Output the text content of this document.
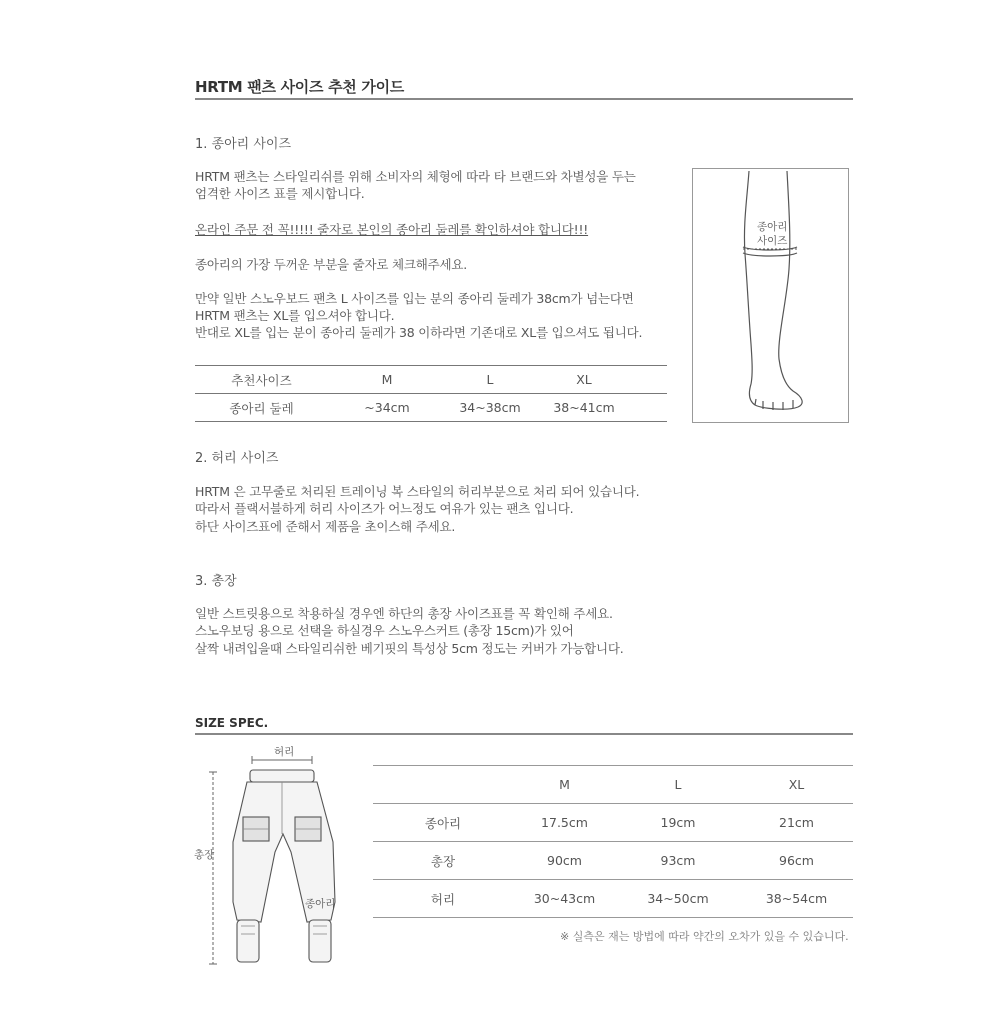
HRTM 팬츠 사이즈 추천 가이드
1. 종아리 사이즈
HRTM 팬츠는 스타일리쉬를 위해 소비자의 체형에 따라 타 브랜드와 차별성을 두는
엄격한 사이즈 표를 제시합니다.
온라인 주문 전 꼭!!!!! 줄자로 본인의 종아리 둘레를 확인하셔야 합니다!!!
종아리의 가장 두꺼운 부분을 줄자로 체크해주세요.
만약 일반 스노우보드 팬츠 L 사이즈를 입는 분의 종아리 둘레가 38cm가 넘는다면
HRTM 팬츠는 XL를 입으셔야 합니다.
반대로 XL를 입는 분이 종아리 둘레가 38 이하라면 기존대로 XL를 입으셔도 됩니다.
추천사이즈	M	L	XL	
종아리 둘레	~34cm	34~38cm	38~41cm	
종아리
사이즈
2. 허리 사이즈
HRTM 은 고무줄로 처리된 트레이닝 복 스타일의 허리부분으로 처리 되어 있습니다.
따라서 플랙서블하게 허리 사이즈가 어느정도 여유가 있는 팬츠 입니다.
하단 사이즈표에 준해서 제품을 초이스해 주세요.
3. 총장
일반 스트릿용으로 착용하실 경우엔 하단의 총장 사이즈표를 꼭 확인해 주세요.
스노우보딩 용으로 선택을 하실경우 스노우스커트 (총장 15cm)가 있어
살짝 내려입을때 스타일리쉬한 베기핏의 특성상 5cm 정도는 커버가 가능합니다.
SIZE SPEC.
허리
총장
종아리
	M	L	XL
종아리	17.5cm	19cm	21cm
총장	90cm	93cm	96cm
허리	30~43cm	34~50cm	38~54cm
※ 실측은 재는 방법에 따라 약간의 오차가 있을 수 있습니다.
